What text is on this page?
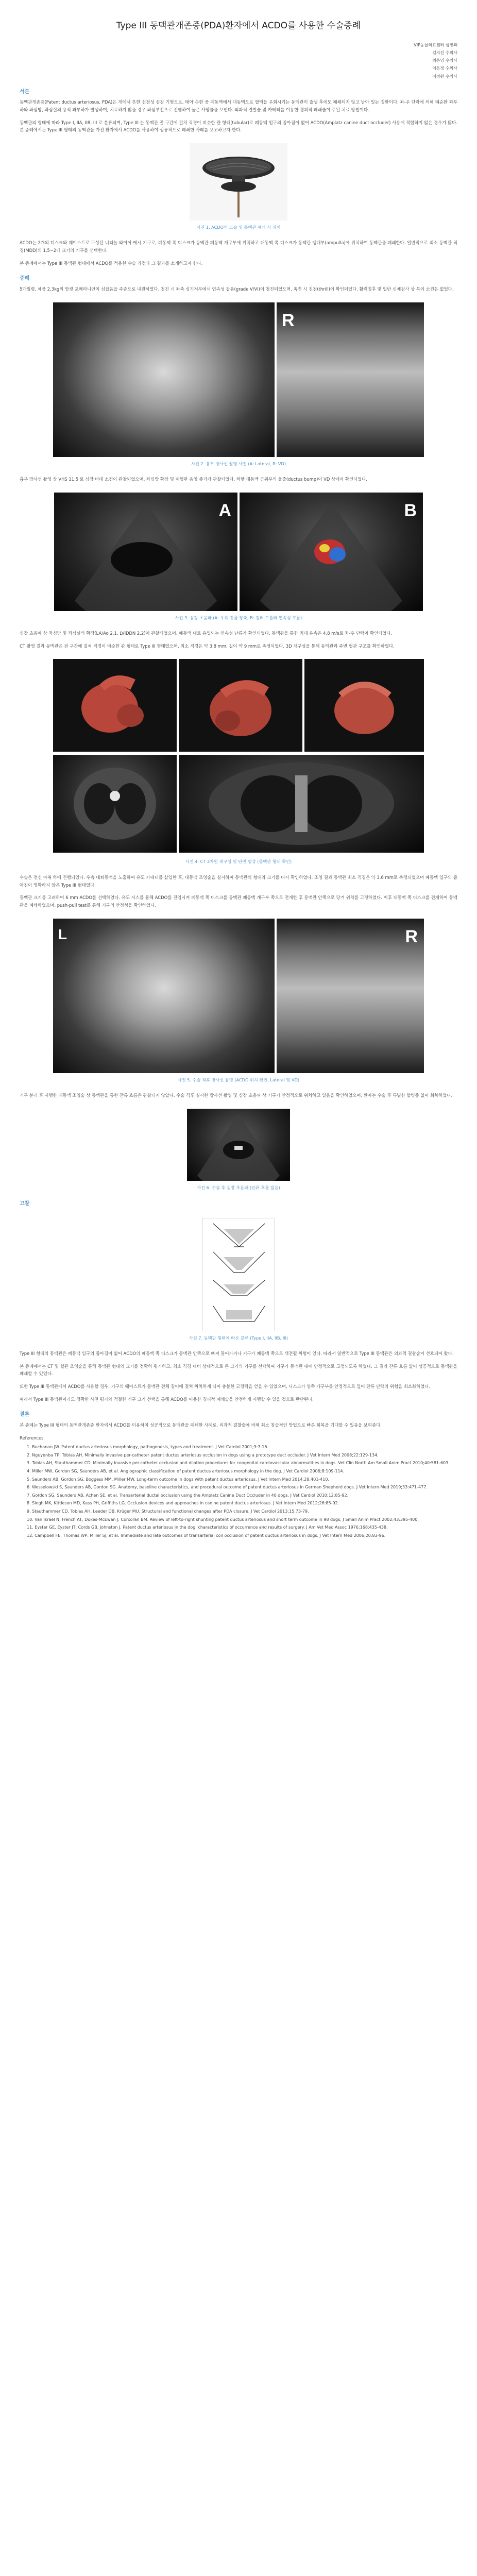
Type III 동맥관개존증(PDA)환자에서 ACDO를 사용한 수술증례
VIP동물의료센터 심장과
김지선 수의사
최은영 수의사
이은정 수의사
이정원 수의사
서론

동맥관개존증(Patent ductus arteriosus, PDA)은 개에서 흔한 선천성 심장 기형으로, 태아 순환 중 폐동맥에서 대동맥으로 혈액을 우회시키는 동맥관이 출생 후에도 폐쇄되지 않고 남아 있는 질환이다. 좌-우 단락에 의해 폐순환 과부하와 좌심방, 좌심실의 용적 과부하가 발생하며, 치료하지 않을 경우 좌심부전으로 진행하여 높은 사망률을 보인다. 외과적 결찰술 및 카테터를 이용한 경피적 폐쇄술이 주된 치료 방법이다.

동맥관의 형태에 따라 Type I, IIA, IIB, III 로 분류되며, Type III 는 동맥관 전 구간에 걸쳐 직경이 비슷한 관 형태(tubular)로 폐동맥 입구의 좁아짐이 없어 ACDO(Amplatz canine duct occluder) 사용에 적합하지 않은 경우가 많다. 본 증례에서는 Type III 형태의 동맥관을 가진 환자에서 ACDO를 사용하여 성공적으로 폐쇄한 사례를 보고하고자 한다.

사진 1. ACDO의 모습 및 동맥관 폐쇄 시 위치

ACDO는 2개의 디스크와 웨이스트로 구성된 니티놀 와이어 메시 기구로, 폐동맥 쪽 디스크가 동맥관 폐동맥 개구부에 위치하고 대동맥 쪽 디스크가 동맥관 팽대부(ampulla)에 위치하여 동맥관을 폐쇄한다. 일반적으로 최소 동맥관 직경(MDD)의 1.5~2배 크기의 기구를 선택한다.

본 증례에서는 Type III 동맥관 형태에서 ACDO를 적용한 수술 과정과 그 결과를 소개하고자 한다.

증례

5개월령, 체중 2.3kg의 암컷 포메라니안이 심잡음을 주증으로 내원하였다. 청진 시 좌측 심기저부에서 연속성 잡음(grade V/VI)이 청진되었으며, 촉진 시 진전(thrill)이 확인되었다. 활력징후 및 일반 신체검사 상 특이 소견은 없었다.

R
사진 2. 흉부 방사선 촬영 사진 (A: Lateral, R: VD)

흉부 방사선 촬영 상 VHS 11.5 로 심장 비대 소견이 관찰되었으며, 좌심방 확장 및 폐혈관 음영 증가가 관찰되었다. 하행 대동맥 근위부의 돌출(ductus bump)이 VD 상에서 확인되었다.

A	B
사진 3. 심장 초음파 (A: 우측 흉골 장축, B: 컬러 도플러 연속성 흐름)

심장 초음파 상 좌심방 및 좌심실의 확장(LA/Ao 2.1, LVIDDN 2.2)이 관찰되었으며, 폐동맥 내로 유입되는 연속성 난류가 확인되었다. 동맥관을 통한 최대 유속은 4.8 m/s로 좌-우 단락이 확인되었다.

CT 촬영 결과 동맥관은 전 구간에 걸쳐 직경이 비슷한 관 형태로 Type III 형태였으며, 최소 직경은 약 3.8 mm, 길이 약 9 mm로 측정되었다. 3D 재구성을 통해 동맥관과 주변 혈관 구조를 확인하였다.

사진 4. CT 3차원 재구성 및 단면 영상 (동맥관 형태 확인)

수술은 전신 마취 하에 진행되었다. 우측 대퇴동맥을 노출하여 유도 카테터를 삽입한 후, 대동맥 조영술을 실시하여 동맥관의 형태와 크기를 다시 확인하였다. 조영 결과 동맥관 최소 직경은 약 3.6 mm로 측정되었으며 폐동맥 입구의 좁아짐이 명확하지 않은 Type III 형태였다.

동맥관 크기를 고려하여 6 mm ACDO를 선택하였다. 유도 시스를 통해 ACDO를 진입시켜 폐동맥 쪽 디스크를 동맥관 폐동맥 개구부 쪽으로 전개한 후 동맥관 안쪽으로 당겨 위치를 고정하였다. 이후 대동맥 쪽 디스크를 전개하여 동맥관을 폐쇄하였으며, push-pull test를 통해 기구의 안정성을 확인하였다.

L	R
사진 5. 수술 직후 방사선 촬영 (ACDO 위치 확인, Lateral 및 VD)

기구 분리 후 시행한 대동맥 조영술 상 동맥관을 통한 잔류 흐름은 관찰되지 않았다. 수술 직후 실시한 방사선 촬영 및 심장 초음파 상 기구가 안정적으로 위치하고 있음을 확인하였으며, 환자는 수술 후 특별한 합병증 없이 회복하였다.

사진 6. 수술 후 심장 초음파 (잔류 흐름 없음)
고찰
사진 7. 동맥관 형태에 따른 분류 (Type I, IIA, IIB, III)

Type III 형태의 동맥관은 폐동맥 입구의 좁아짐이 없어 ACDO의 폐동맥 쪽 디스크가 동맥관 안쪽으로 빠져 들어가거나 기구가 폐동맥 쪽으로 색전될 위험이 있다. 따라서 일반적으로 Type III 동맥관은 외과적 결찰술이 선호되어 왔다.

본 증례에서는 CT 및 혈관 조영술을 통해 동맥관 형태와 크기를 정확히 평가하고, 최소 직경 대비 상대적으로 큰 크기의 기구를 선택하여 기구가 동맥관 내에 안정적으로 고정되도록 하였다. 그 결과 잔류 흐름 없이 성공적으로 동맥관을 폐쇄할 수 있었다.

또한 Type III 동맥관에서 ACDO를 사용할 경우, 기구의 웨이스트가 동맥관 전체 길이에 걸쳐 위치하게 되어 충분한 고정력을 얻을 수 있었으며, 디스크가 양쪽 개구부를 안정적으로 덮어 잔류 단락의 위험을 최소화하였다.

따라서 Type III 동맥관이라도 정확한 사전 평가와 적절한 기구 크기 선택을 통해 ACDO를 이용한 경피적 폐쇄술을 안전하게 시행할 수 있을 것으로 판단된다.

결론

본 증례는 Type III 형태의 동맥관개존증 환자에서 ACDO를 이용하여 성공적으로 동맥관을 폐쇄한 사례로, 외과적 결찰술에 비해 최소 침습적인 방법으로 빠른 회복을 기대할 수 있음을 보여준다.

References
1. Buchanan JW. Patent ductus arteriosus morphology, pathogenesis, types and treatment. J Vet Cardiol 2001;3:7-16.
2. Nguyenba TP, Tobias AH. Minimally invasive per-catheter patent ductus arteriosus occlusion in dogs using a prototype duct occluder. J Vet Intern Med 2008;22:129-134.
3. Tobias AH, Stauthammer CD. Minimally invasive per-catheter occlusion and dilation procedures for congenital cardiovascular abnormalities in dogs. Vet Clin North Am Small Anim Pract 2010;40:581-603.
4. Miller MW, Gordon SG, Saunders AB, et al. Angiographic classification of patent ductus arteriosus morphology in the dog. J Vet Cardiol 2006;8:109-114.
5. Saunders AB, Gordon SG, Boggess MM, Miller MW. Long-term outcome in dogs with patent ductus arteriosus. J Vet Intern Med 2014;28:401-410.
6. Wesselowski S, Saunders AB, Gordon SG. Anatomy, baseline characteristics, and procedural outcome of patent ductus arteriosus in German Shepherd dogs. J Vet Intern Med 2019;33:471-477.
7. Gordon SG, Saunders AB, Achen SE, et al. Transarterial ductal occlusion using the Amplatz Canine Duct Occluder in 40 dogs. J Vet Cardiol 2010;12:85-92.
8. Singh MK, Kittleson MD, Kass PH, Griffiths LG. Occlusion devices and approaches in canine patent ductus arteriosus. J Vet Intern Med 2012;26:85-92.
9. Stauthammer CD, Tobias AH, Leeder DB, Krüger MU. Structural and functional changes after PDA closure. J Vet Cardiol 2013;15:73-79.
10. Van Israël N, French AT, Dukes-McEwan J, Corcoran BM. Review of left-to-right shunting patent ductus arteriosus and short term outcome in 98 dogs. J Small Anim Pract 2002;43:395-400.
11. Eyster GE, Eyster JT, Cords GB, Johnston J. Patent ductus arteriosus in the dog: characteristics of occurrence and results of surgery. J Am Vet Med Assoc 1976;168:435-438.
12. Campbell FE, Thomas WP, Miller SJ, et al. Immediate and late outcomes of transarterial coil occlusion of patent ductus arteriosus in dogs. J Vet Intern Med 2006;20:83-96.
